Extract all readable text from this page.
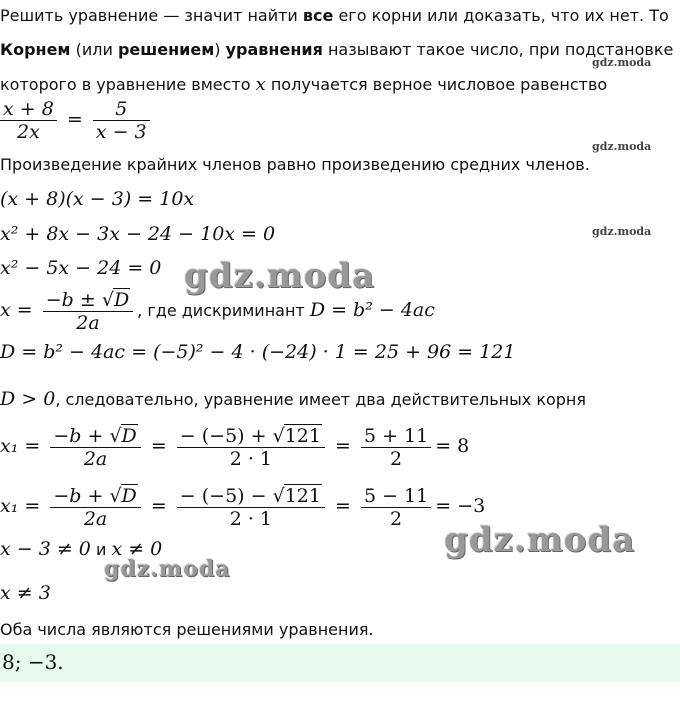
Решить уравнение — значит найти все его корни или доказать, что их нет. То
Корнем (или решением) уравнения называют такое число, при подстановке
которого в уравнение вместо x получается верное числовое равенство
$\frac{x + 8}{2x} = \frac{5}{x - 3}$
Произведение крайних членов равно произведению средних членов.
(x + 8)(x − 3) = 10x
x² + 8x − 3x − 24 − 10x = 0
x² − 5x − 24 = 0
$x = \frac{-b \pm √D}{2a}$ , где дискриминант D = b² − 4ac
D = b² − 4ac = (−5)² − 4 · (−24) · 1 = 25 + 96 = 121
D > 0, следовательно, уравнение имеет два действительных корня
$x_1 = \frac{-b + √D}{2a} = \frac{- (-5) + √121}{2 \cdot 1} = \frac{5 + 11}{2} = 8$
$x_1 = \frac{-b + √D}{2a} = \frac{- (-5) - √121}{2 \cdot 1} = \frac{5 - 11}{2} = -3$
x − 3 ≠ 0 и x ≠ 0
x ≠ 3
Оба числа являются решениями уравнения.
8; −3.
gdz.moda
gdz.moda
gdz.moda
gdz.moda
gdz.moda
gdz.moda
